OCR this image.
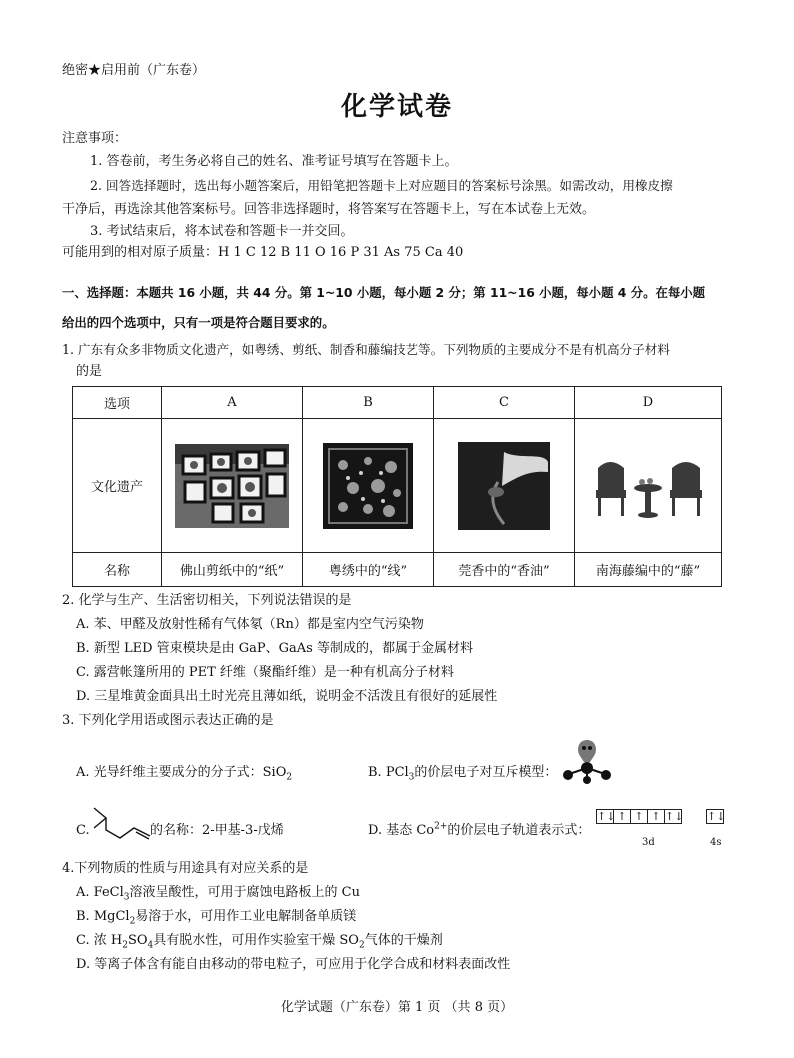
绝密★启用前（广东卷）
化学试卷
注意事项：
1. 答卷前，考生务必将自己的姓名、准考证号填写在答题卡上。
2. 回答选择题时，选出每小题答案后，用铅笔把答题卡上对应题目的答案标号涂黑。如需改动，用橡皮擦
干净后，再选涂其他答案标号。回答非选择题时，将答案写在答题卡上，写在本试卷上无效。
3. 考试结束后，将本试卷和答题卡一并交回。
可能用到的相对原子质量：H 1 C 12 B 11 O 16 P 31 As 75 Ca 40
一、选择题：本题共 16 小题，共 44 分。第 1~10 小题，每小题 2 分；第 11~16 小题，每小题 4 分。在每小题
给出的四个选项中，只有一项是符合题目要求的。
1. 广东有众多非物质文化遗产，如粤绣、剪纸、制香和藤编技艺等。下列物质的主要成分不是有机高分子材料
的是
选项	A	B	C	D
文化遗产	

名称	佛山剪纸中的“纸”	粤绣中的“线”	莞香中的“香油”	南海藤编中的“藤”
2. 化学与生产、生活密切相关，下列说法错误的是
A. 苯、甲醛及放射性稀有气体氡（Rn）都是室内空气污染物
B. 新型 LED 管束模块是由 GaP、GaAs 等制成的，都属于金属材料
C. 露营帐篷所用的 PET 纤维（聚酯纤维）是一种有机高分子材料
D. 三星堆黄金面具出土时光亮且薄如纸，说明金不活泼且有很好的延展性
3. 下列化学用语或图示表达正确的是
A. 光导纤维主要成分的分子式：SiO$_2$	B. PCl$_3$的价层电子对互斥模型：
C.	的名称：2-甲基-3-戊烯	D. 基态 $Co^{2+}$的价层电子轨道表示式：
↑↓ ↑ ↑ ↑ ↑↓ ↑↓
3d	4s
4.下列物质的性质与用途具有对应关系的是
A. FeCl$_3$溶液呈酸性，可用于腐蚀电路板上的 Cu
B. MgCl$_2$易溶于水，可用作工业电解制备单质镁
C. 浓 $H_2SO_4$具有脱水性，可用作实验室干燥 $SO_2$气体的干燥剂
D. 等离子体含有能自由移动的带电粒子，可应用于化学合成和材料表面改性
化学试题（广东卷）第 1 页 （共 8 页）
